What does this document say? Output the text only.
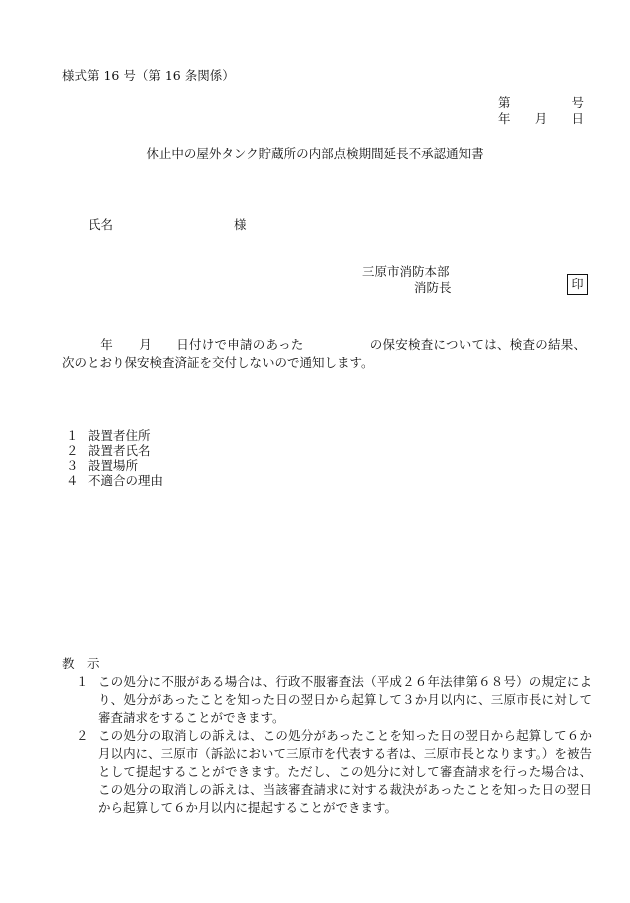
様式第 16 号（第 16 条関係）
第	号
年	月	日
休止中の屋外タンク貯蔵所の内部点検期間延長不承認通知書
氏名	様
三原市消防本部
消防長	印
年 月 日付けで申請のあった	の保安検査については、検査の結果、次のとおり保安検査済証を交付しないので通知します。
１ 設置者住所
２ 設置者氏名
３ 設置場所
４ 不適合の理由
教　示
１ この処分に不服がある場合は、行政不服審査法（平成２６年法律第６８号）の規定により、処分があったことを知った日の翌日から起算して３か月以内に、三原市長に対して審査請求をすることができます。
２ この処分の取消しの訴えは、この処分があったことを知った日の翌日から起算して６か月以内に、三原市（訴訟において三原市を代表する者は、三原市長となります。）を被告として提起することができます。ただし、この処分に対して審査請求を行った場合は、この処分の取消しの訴えは、当該審査請求に対する裁決があったことを知った日の翌日から起算して６か月以内に提起することができます。
